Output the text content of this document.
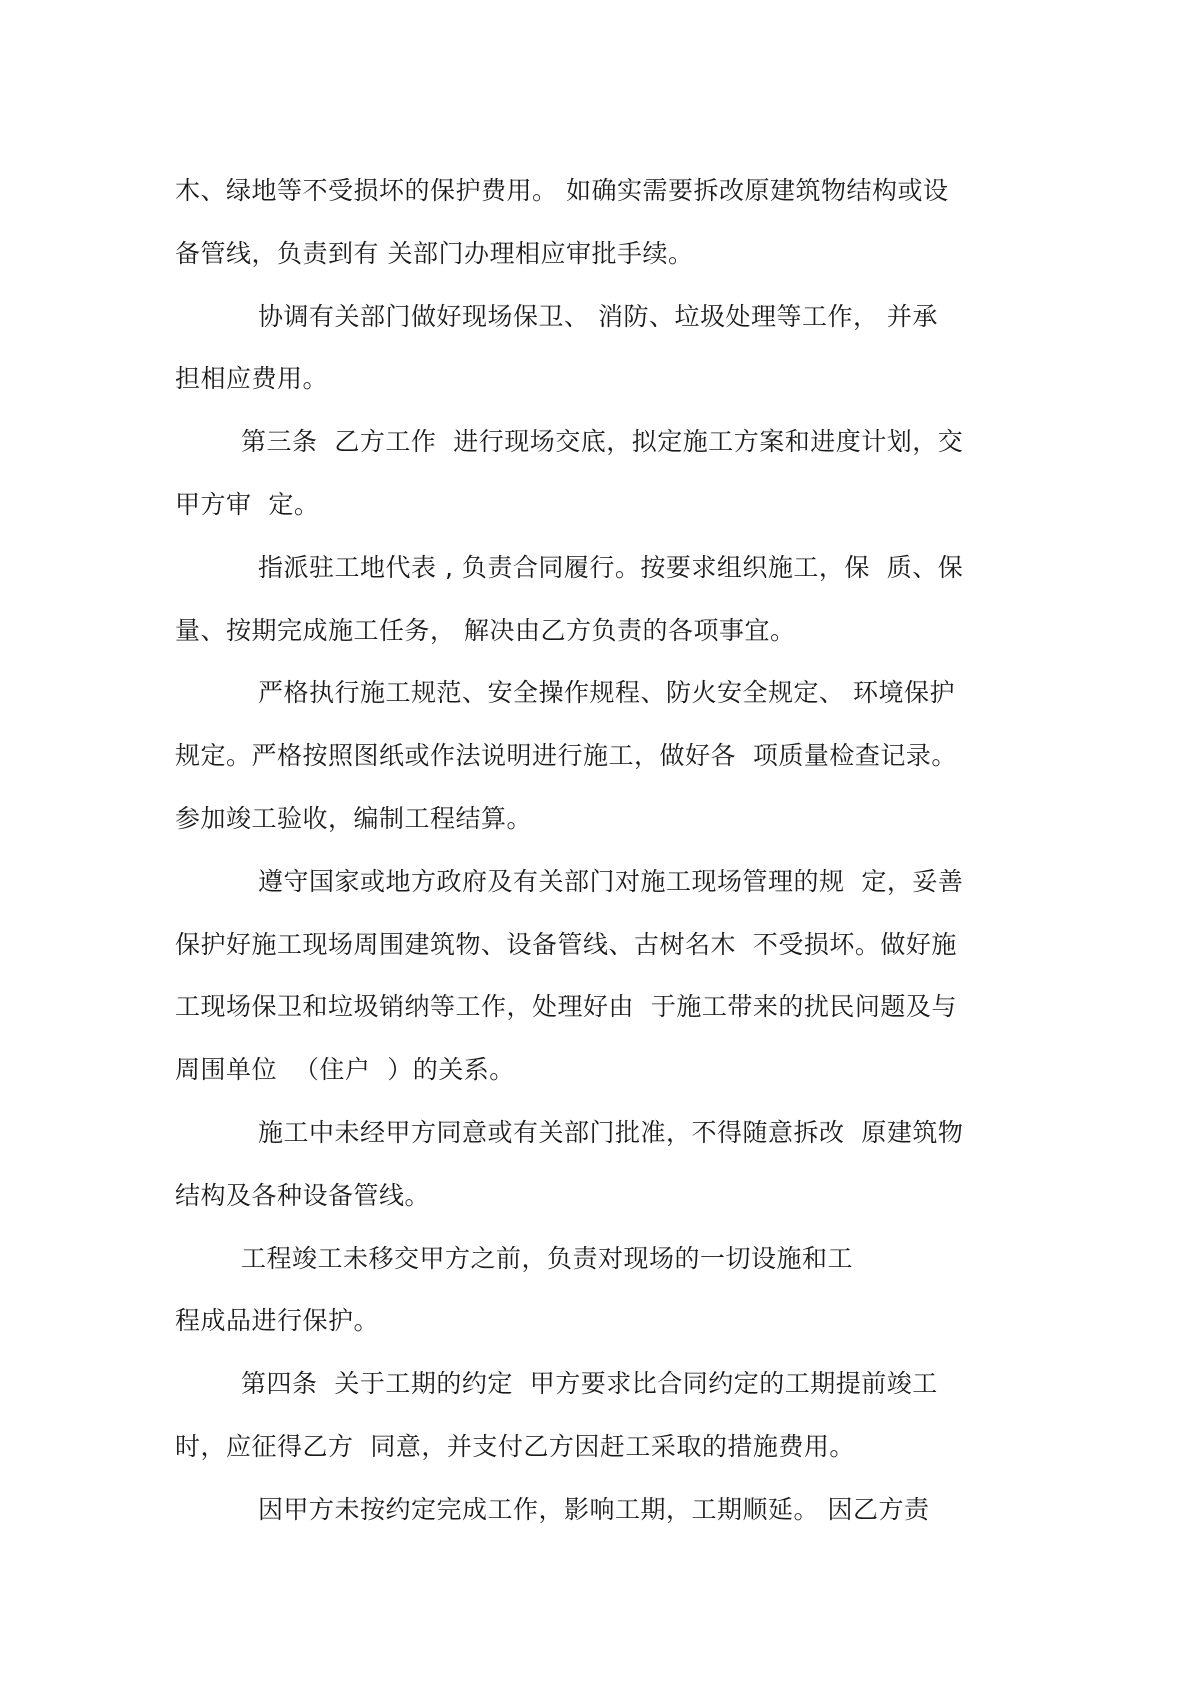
木、绿地等不受损坏的保护费用。 如确实需要拆改原建筑物结构或设
备管线，负责到有 关部门办理相应审批手续。
协调有关部门做好现场保卫、 消防、垃圾处理等工作， 并承
担相应费用。
第三条  乙方工作  进行现场交底，拟定施工方案和进度计划，交
甲方审  定。
指派驻工地代表 , 负责合同履行。按要求组织施工，保  质、保
量、按期完成施工任务， 解决由乙方负责的各项事宜。
严格执行施工规范、安全操作规程、防火安全规定、 环境保护
规定。严格按照图纸或作法说明进行施工，做好各  项质量检查记录。
参加竣工验收，编制工程结算。
遵守国家或地方政府及有关部门对施工现场管理的规  定，妥善
保护好施工现场周围建筑物、设备管线、古树名木  不受损坏。做好施
工现场保卫和垃圾销纳等工作，处理好由  于施工带来的扰民问题及与
周围单位  （住户  ）的关系。
施工中未经甲方同意或有关部门批准，不得随意拆改  原建筑物
结构及各种设备管线。
工程竣工未移交甲方之前，负责对现场的一切设施和工
程成品进行保护。
第四条  关于工期的约定  甲方要求比合同约定的工期提前竣工
时，应征得乙方  同意，并支付乙方因赶工采取的措施费用。
因甲方未按约定完成工作，影响工期，工期顺延。 因乙方责
